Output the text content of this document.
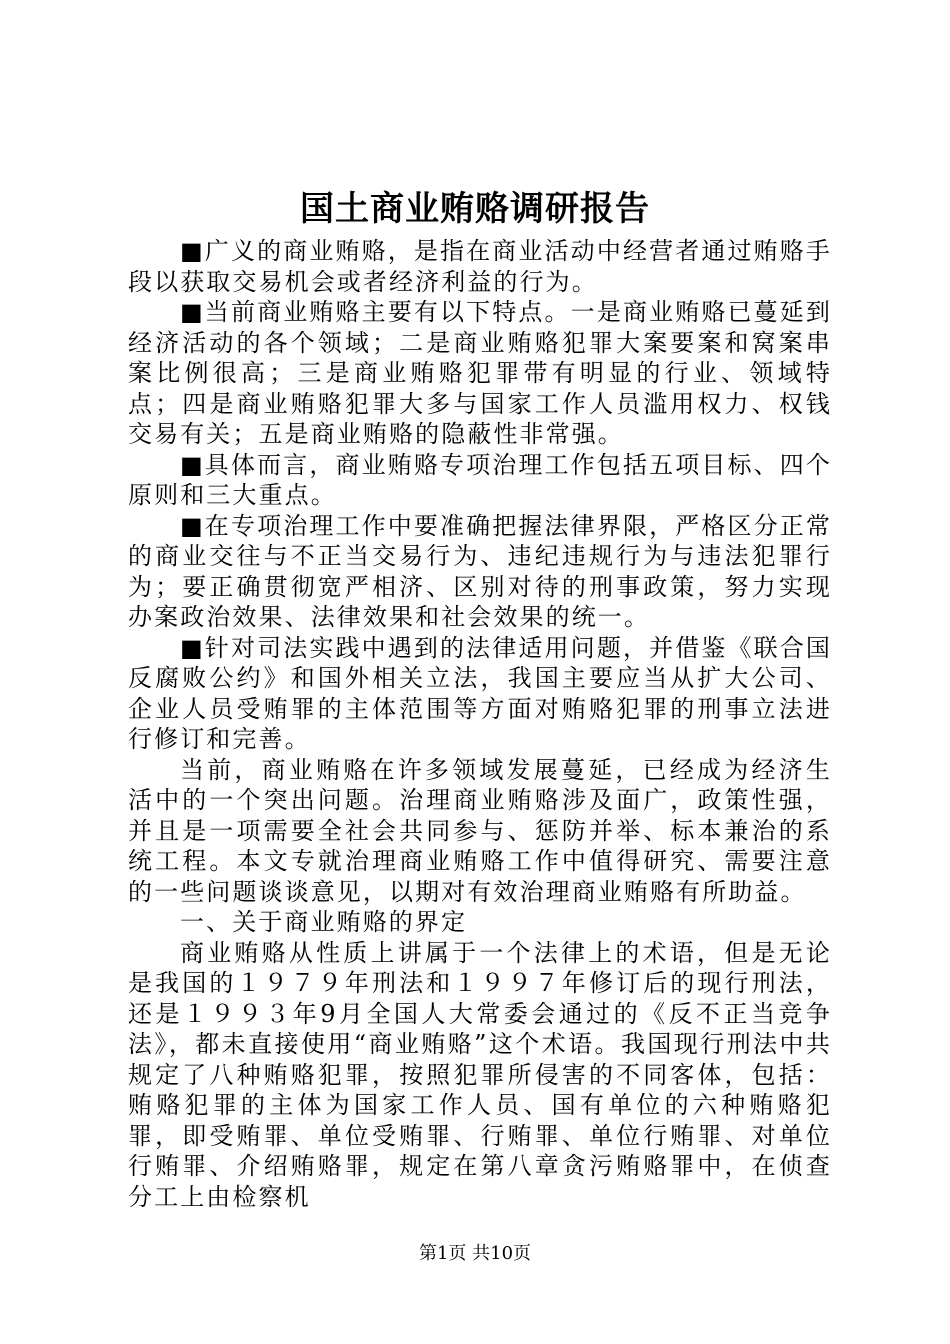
国土商业贿赂调研报告

■广义的商业贿赂，是指在商业活动中经营者通过贿赂手段以获取交易机会或者经济利益的行为。

■当前商业贿赂主要有以下特点。一是商业贿赂已蔓延到经济活动的各个领域；二是商业贿赂犯罪大案要案和窝案串案比例很高；三是商业贿赂犯罪带有明显的行业、领域特点；四是商业贿赂犯罪大多与国家工作人员滥用权力、权钱交易有关；五是商业贿赂的隐蔽性非常强。

■具体而言，商业贿赂专项治理工作包括五项目标、四个原则和三大重点。

■在专项治理工作中要准确把握法律界限，严格区分正常的商业交往与不正当交易行为、违纪违规行为与违法犯罪行为；要正确贯彻宽严相济、区别对待的刑事政策，努力实现办案政治效果、法律效果和社会效果的统一。

■针对司法实践中遇到的法律适用问题，并借鉴《联合国反腐败公约》和国外相关立法，我国主要应当从扩大公司、企业人员受贿罪的主体范围等方面对贿赂犯罪的刑事立法进行修订和完善。

当前，商业贿赂在许多领域发展蔓延，已经成为经济生活中的一个突出问题。治理商业贿赂涉及面广，政策性强，并且是一项需要全社会共同参与、惩防并举、标本兼治的系统工程。本文专就治理商业贿赂工作中值得研究、需要注意的一些问题谈谈意见，以期对有效治理商业贿赂有所助益。

一、关于商业贿赂的界定

商业贿赂从性质上讲属于一个法律上的术语，但是无论是我国的１９７９年刑法和１９９７年修订后的现行刑法，还是１９９３年9月全国人大常委会通过的《反不正当竞争法》，都未直接使用“商业贿赂”这个术语。我国现行刑法中共规定了八种贿赂犯罪，按照犯罪所侵害的不同客体，包括：贿赂犯罪的主体为国家工作人员、国有单位的六种贿赂犯罪，即受贿罪、单位受贿罪、行贿罪、单位行贿罪、对单位行贿罪、介绍贿赂罪，规定在第八章贪污贿赂罪中，在侦查分工上由检察机

第1页 共10页
